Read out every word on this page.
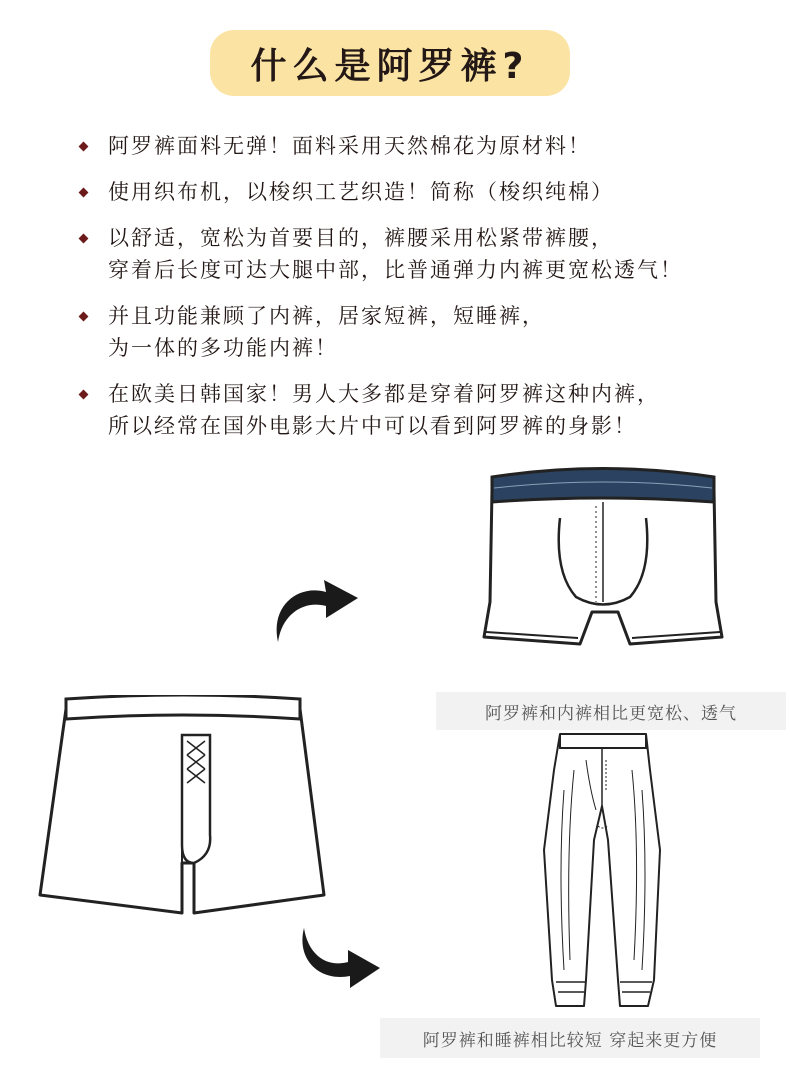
什么是阿罗裤?
阿罗裤面料无弹！面料采用天然棉花为原材料！
使用织布机，以梭织工艺织造！简称（梭织纯棉）
以舒适，宽松为首要目的，裤腰采用松紧带裤腰，
穿着后长度可达大腿中部，比普通弹力内裤更宽松透气！
并且功能兼顾了内裤，居家短裤，短睡裤，
为一体的多功能内裤！
在欧美日韩国家！男人大多都是穿着阿罗裤这种内裤，
所以经常在国外电影大片中可以看到阿罗裤的身影！
阿罗裤和内裤相比更宽松、透气
阿罗裤和睡裤相比较短 穿起来更方便
